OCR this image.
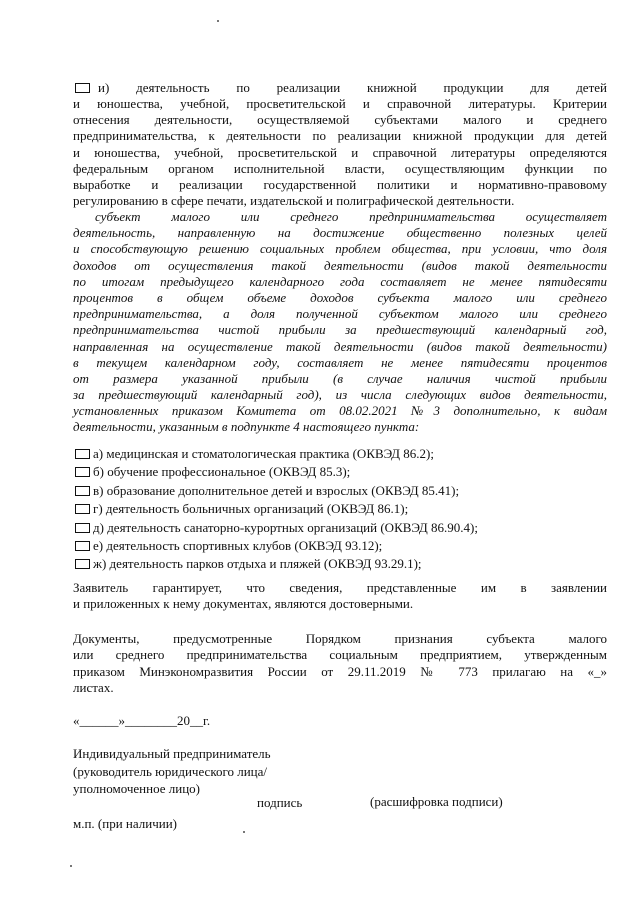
и) деятельность по реализации книжной продукции для детей
и юношества, учебной, просветительской и справочной литературы. Критерии
отнесения деятельности, осуществляемой субъектами малого и среднего
предпринимательства, к деятельности по реализации книжной продукции для детей
и юношества, учебной, просветительской и справочной литературы определяются
федеральным органом исполнительной власти, осуществляющим функции по
выработке и реализации государственной политики и нормативно-правовому
регулированию в сфере печати, издательской и полиграфической деятельности.
субъект малого или среднего предпринимательства осуществляет
деятельность, направленную на достижение общественно полезных целей
и способствующую решению социальных проблем общества, при условии, что доля
доходов от осуществления такой деятельности (видов такой деятельности
по итогам предыдущего календарного года составляет не менее пятидесяти
процентов в общем объеме доходов субъекта малого или среднего
предпринимательства, а доля полученной субъектом малого или среднего
предпринимательства чистой прибыли за предшествующий календарный год,
направленная на осуществление такой деятельности (видов такой деятельности)
в текущем календарном году, составляет не менее пятидесяти процентов
от размера указанной прибыли (в случае наличия чистой прибыли
за предшествующий календарный год), из числа следующих видов деятельности,
установленных приказом Комитета от 08.02.2021 №3 дополнительно, к видам
деятельности, указанным в подпункте 4 настоящего пункта:
а) медицинская и стоматологическая практика (ОКВЭД 86.2);
б) обучение профессиональное (ОКВЭД 85.3);
в) образование дополнительное детей и взрослых (ОКВЭД 85.41);
г) деятельность больничных организаций (ОКВЭД 86.1);
д) деятельность санаторно-курортных организаций (ОКВЭД 86.90.4);
е) деятельность спортивных клубов (ОКВЭД 93.12);
ж) деятельность парков отдыха и пляжей (ОКВЭД 93.29.1);
Заявитель гарантирует, что сведения, представленные им в заявлении
и приложенных к нему документах, являются достоверными.
Документы, предусмотренные Порядком признания субъекта малого
или среднего предпринимательства социальным предприятием, утвержденным
приказом Минэкономразвития России от 29.11.2019 № 773 прилагаю на «_»
листах.
«______»________20__г.
Индивидуальный предприниматель
(руководитель юридического лица/
уполномоченное лицо)
подпись	(расшифровка подписи)
м.п. (при наличии)
